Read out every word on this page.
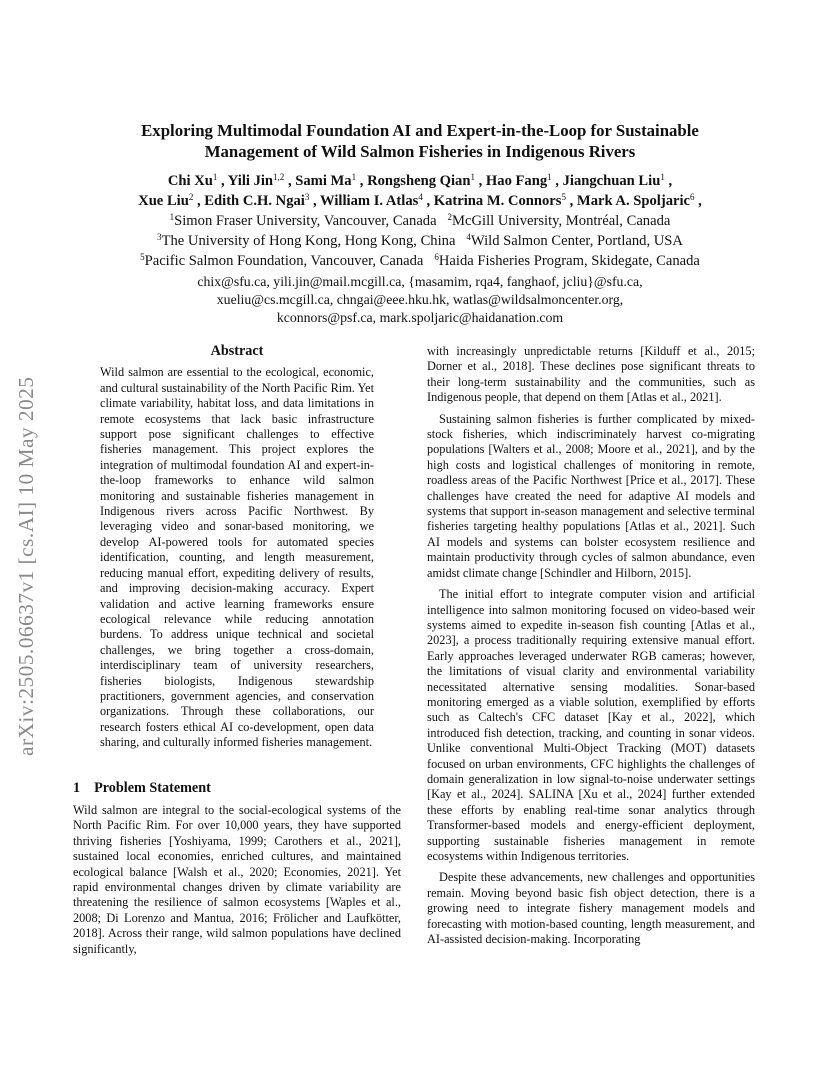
arXiv:2505.06637v1 [cs.AI] 10 May 2025
Exploring Multimodal Foundation AI and Expert-in-the-Loop for Sustainable
Management of Wild Salmon Fisheries in Indigenous Rivers
Chi Xu$^1$ , Yili Jin$^{1,2}$ , Sami Ma$^1$ , Rongsheng Qian$^1$ , Hao Fang$^1$ , Jiangchuan Liu$^1$ ,
Xue Liu$^2$ , Edith C.H. Ngai$^3$ , William I. Atlas$^4$ , Katrina M. Connors$^5$ , Mark A. Spoljaric$^6$ ,
$^1$Simon Fraser University, Vancouver, Canada $^2$McGill University, Montréal, Canada
$^3$The University of Hong Kong, Hong Kong, China $^4$Wild Salmon Center, Portland, USA
$^5$Pacific Salmon Foundation, Vancouver, Canada $^6$Haida Fisheries Program, Skidegate, Canada
chix@sfu.ca, yili.jin@mail.mcgill.ca, {masamim, rqa4, fanghaof, jcliu}@sfu.ca,
xueliu@cs.mcgill.ca, chngai@eee.hku.hk, watlas@wildsalmoncenter.org,
kconnors@psf.ca, mark.spoljaric@haidanation.com
Abstract

Wild salmon are essential to the ecological, economic, and cultural sustainability of the North Pacific Rim. Yet climate variability, habitat loss, and data limitations in remote ecosystems that lack basic infrastructure support pose significant challenges to effective fisheries management. This project explores the integration of multimodal foundation AI and expert-in-the-loop frameworks to enhance wild salmon monitoring and sustainable fisheries management in Indigenous rivers across Pacific Northwest. By leveraging video and sonar-based monitoring, we develop AI-powered tools for automated species identification, counting, and length measurement, reducing manual effort, expediting delivery of results, and improving decision-making accuracy. Expert validation and active learning frameworks ensure ecological relevance while reducing annotation burdens. To address unique technical and societal challenges, we bring together a cross-domain, interdisciplinary team of university researchers, fisheries biologists, Indigenous stewardship practitioners, government agencies, and conservation organizations. Through these collaborations, our research fosters ethical AI co-development, open data sharing, and culturally informed fisheries management.

1 Problem Statement

Wild salmon are integral to the social-ecological systems of the North Pacific Rim. For over 10,000 years, they have supported thriving fisheries [Yoshiyama, 1999; Carothers et al., 2021], sustained local economies, enriched cultures, and maintained ecological balance [Walsh et al., 2020; Economies, 2021]. Yet rapid environmental changes driven by climate variability are threatening the resilience of salmon ecosystems [Waples et al., 2008; Di Lorenzo and Mantua, 2016; Frölicher and Laufkötter, 2018]. Across their range, wild salmon populations have declined significantly,

with increasingly unpredictable returns [Kilduff et al., 2015; Dorner et al., 2018]. These declines pose significant threats to their long-term sustainability and the communities, such as Indigenous people, that depend on them [Atlas et al., 2021].

Sustaining salmon fisheries is further complicated by mixed-stock fisheries, which indiscriminately harvest co-migrating populations [Walters et al., 2008; Moore et al., 2021], and by the high costs and logistical challenges of monitoring in remote, roadless areas of the Pacific Northwest [Price et al., 2017]. These challenges have created the need for adaptive AI models and systems that support in-season management and selective terminal fisheries targeting healthy populations [Atlas et al., 2021]. Such AI models and systems can bolster ecosystem resilience and maintain productivity through cycles of salmon abundance, even amidst climate change [Schindler and Hilborn, 2015].

The initial effort to integrate computer vision and artificial intelligence into salmon monitoring focused on video-based weir systems aimed to expedite in-season fish counting [Atlas et al., 2023], a process traditionally requiring extensive manual effort. Early approaches leveraged underwater RGB cameras; however, the limitations of visual clarity and environmental variability necessitated alternative sensing modalities. Sonar-based monitoring emerged as a viable solution, exemplified by efforts such as Caltech's CFC dataset [Kay et al., 2022], which introduced fish detection, tracking, and counting in sonar videos. Unlike conventional Multi-Object Tracking (MOT) datasets focused on urban environments, CFC highlights the challenges of domain generalization in low signal-to-noise underwater settings [Kay et al., 2024]. SALINA [Xu et al., 2024] further extended these efforts by enabling real-time sonar analytics through Transformer-based models and energy-efficient deployment, supporting sustainable fisheries management in remote ecosystems within Indigenous territories.

Despite these advancements, new challenges and opportunities remain. Moving beyond basic fish object detection, there is a growing need to integrate fishery management models and forecasting with motion-based counting, length measurement, and AI-assisted decision-making. Incorporating
